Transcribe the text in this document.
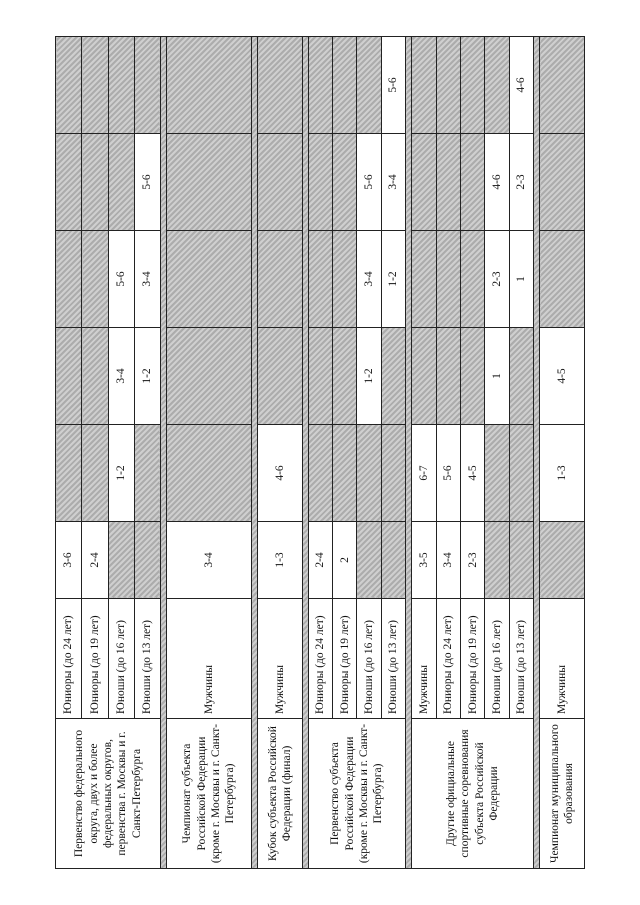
Первенство федерального округа, двух и более федеральных округов, первенства г. Москвы и г. Санкт-Петербурга	Юниоры (до 24 лет)	3-6					
	Юниоры (до 19 лет)	2-4					
	Юноши (до 16 лет)		1-2	3-4	5-6		
	Юноши (до 13 лет)			1-2	3-4	5-6	

Чемпионат субъекта Российской Федерации (кроме г. Москвы и г. Санкт-Петербурга)	Мужчины	3-4					

Кубок субъекта Российской Федерации (финал)	Мужчины	1-3	4-6				

Первенство субъекта Российской Федерации (кроме г. Москвы и г. Санкт-Петербурга)	Юниоры (до 24 лет)	2-4					
	Юниоры (до 19 лет)	2					
	Юноши (до 16 лет)			1-2	3-4	5-6	
	Юноши (до 13 лет)				1-2	3-4	5-6

Другие официальные спортивные соревнования субъекта Российской Федерации	Мужчины	3-5	6-7				
	Юниоры (до 24 лет)	3-4	5-6				
	Юниоры (до 19 лет)	2-3	4-5				
	Юноши (до 16 лет)			1	2-3	4-6	
	Юноши (до 13 лет)				1	2-3	4-6

Чемпионат муниципального образования	Мужчины		1-3	4-5			
